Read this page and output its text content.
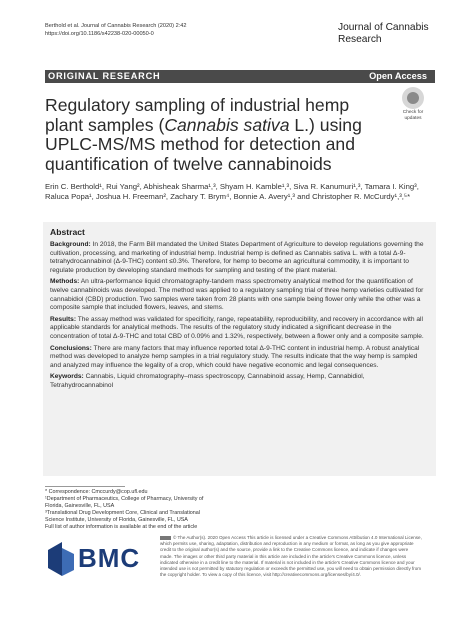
Berthold et al. Journal of Cannabis Research (2020) 2:42
https://doi.org/10.1186/s42238-020-00050-0
Journal of Cannabis
Research
ORIGINAL RESEARCH	Open Access
Regulatory sampling of industrial hemp
plant samples (Cannabis sativa L.) using
UPLC-MS/MS method for detection and
quantification of twelve cannabinoids
Check for
updates
Erin C. Berthold¹, Rui Yang², Abhisheak Sharma¹,³, Shyam H. Kamble¹,³, Siva R. Kanumuri¹,³, Tamara I. King³,
Raluca Popa¹, Joshua H. Freeman², Zachary T. Brym⁴, Bonnie A. Avery¹,³ and Christopher R. McCurdy¹,³,⁵*
Abstract

Background: In 2018, the Farm Bill mandated the United States Department of Agriculture to develop regulations governing the cultivation, processing, and marketing of industrial hemp. Industrial hemp is defined as Cannabis sativa L. with a total Δ-9-tetrahydrocannabinol (Δ-9-THC) content ≤0.3%. Therefore, for hemp to become an agricultural commodity, it is important to regulate production by developing standard methods for sampling and testing of the plant material.

Methods: An ultra-performance liquid chromatography-tandem mass spectrometry analytical method for the quantification of twelve cannabinoids was developed. The method was applied to a regulatory sampling trial of three hemp varieties cultivated for cannabidiol (CBD) production. Two samples were taken from 28 plants with one sample being flower only while the other was a composite sample that included flowers, leaves, and stems.

Results: The assay method was validated for specificity, range, repeatability, reproducibility, and recovery in accordance with all applicable standards for analytical methods. The results of the regulatory study indicated a significant decrease in the concentration of total Δ-9-THC and total CBD of 0.09% and 1.32%, respectively, between a flower only and a composite sample.

Conclusions: There are many factors that may influence reported total Δ-9-THC content in industrial hemp. A robust analytical method was developed to analyze hemp samples in a trial regulatory study. The results indicate that the way hemp is sampled and analyzed may influence the legality of a crop, which could have negative economic and legal consequences.

Keywords: Cannabis, Liquid chromatography–mass spectroscopy, Cannabinoid assay, Hemp, Cannabidiol, Tetrahydrocannabinol

* Correspondence: Cmccurdy@cop.ufl.edu
¹Department of Pharmaceutics, College of Pharmacy, University of Florida, Gainesville, FL, USA
³Translational Drug Development Core, Clinical and Translational Science Institute, University of Florida, Gainesville, FL, USA
Full list of author information is available at the end of the article
BMC
© The Author(s). 2020 Open Access This article is licensed under a Creative Commons Attribution 4.0 International License, which permits use, sharing, adaptation, distribution and reproduction in any medium or format, as long as you give appropriate credit to the original author(s) and the source, provide a link to the Creative Commons licence, and indicate if changes were made. The images or other third party material in this article are included in the article's Creative Commons licence, unless indicated otherwise in a credit line to the material. If material is not included in the article's Creative Commons licence and your intended use is not permitted by statutory regulation or exceeds the permitted use, you will need to obtain permission directly from the copyright holder. To view a copy of this licence, visit http://creativecommons.org/licenses/by/4.0/.
